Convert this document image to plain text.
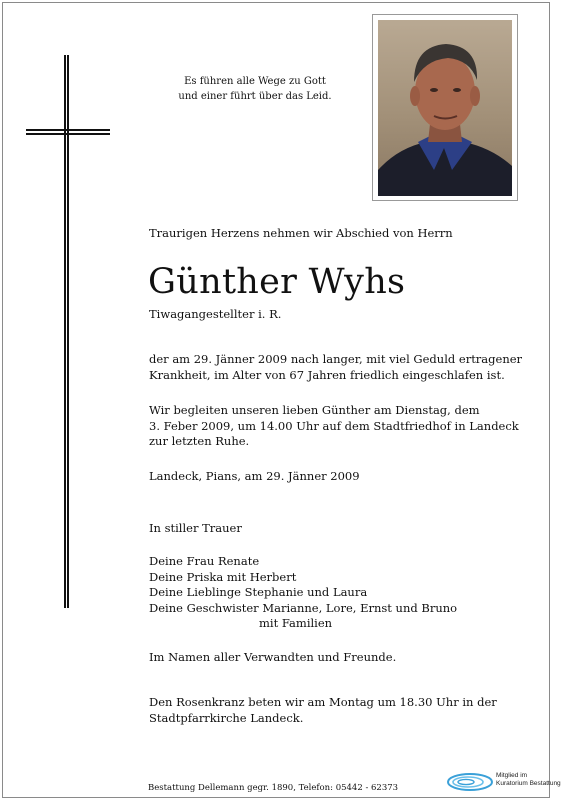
Es führen alle Wege zu Gott
und einer führt über das Leid.
Traurigen Herzens nehmen wir Abschied von Herrn
Günther Wyhs
Tiwagangestellter i. R.
der am 29. Jänner 2009 nach langer, mit viel Geduld ertragener
Krankheit, im Alter von 67 Jahren friedlich eingeschlafen ist.
Wir begleiten unseren lieben Günther am Dienstag, dem
3. Feber 2009, um 14.00 Uhr auf dem Stadtfriedhof in Landeck
zur letzten Ruhe.
Landeck, Pians, am 29. Jänner 2009
In stiller Trauer
Deine Frau Renate
Deine Priska mit Herbert
Deine Lieblinge Stephanie und Laura
Deine Geschwister Marianne, Lore, Ernst und Bruno
mit Familien
Im Namen aller Verwandten und Freunde.
Den Rosenkranz beten wir am Montag um 18.30 Uhr in der
Stadtpfarrkirche Landeck.
Bestattung Dellemann gegr. 1890, Telefon: 05442 - 62373
Mitglied im
Kuratorium Bestattung
